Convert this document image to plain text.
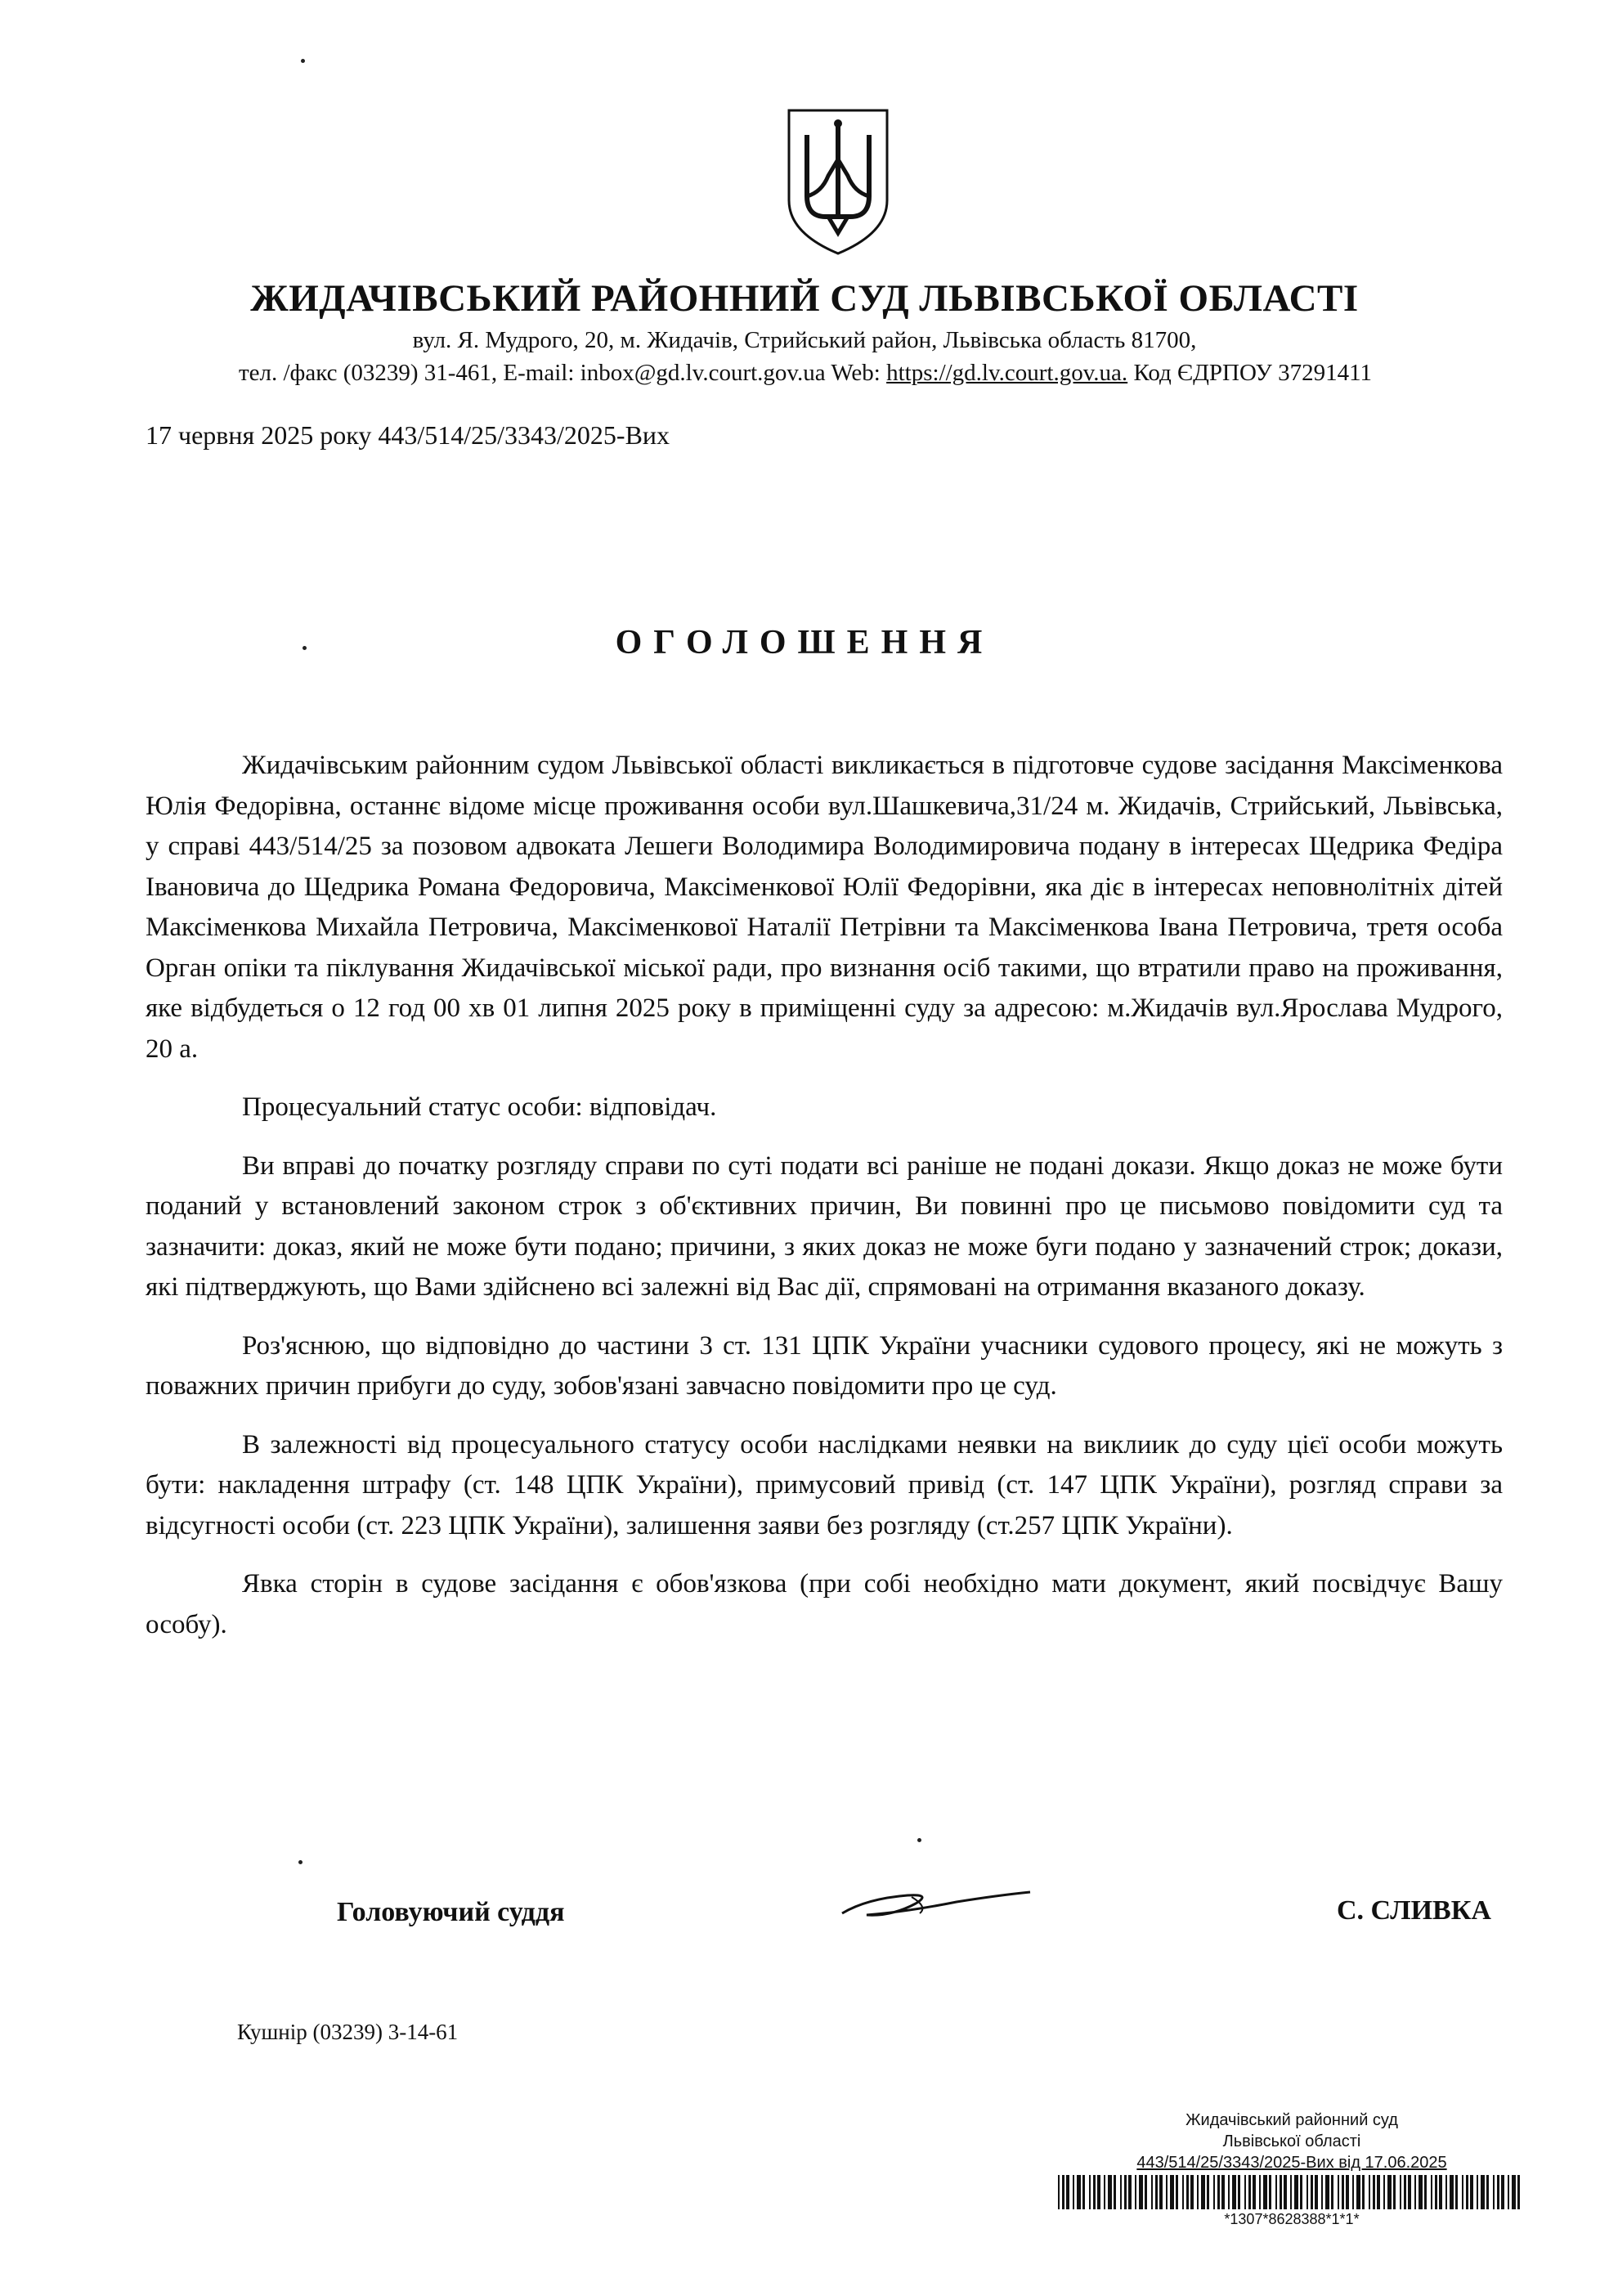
ЖИДАЧІВСЬКИЙ РАЙОННИЙ СУД ЛЬВІВСЬКОЇ ОБЛАСТІ
вул. Я. Мудрого, 20, м. Жидачів, Стрийський район, Львівська область 81700,
тел. /факс (03239) 31-461, E-mail: inbox@gd.lv.court.gov.ua Web: https://gd.lv.court.gov.ua. Код ЄДРПОУ 37291411
17 червня 2025 року 443/514/25/3343/2025-Вих
ОГОЛОШЕННЯ

Жидачівським районним судом Львівської області викликається в підготовче судове засідання Максіменкова Юлія Федорівна, останнє відоме місце проживання особи вул.Шашкевича,31/24 м. Жидачів, Стрийський, Львівська, у справі 443/514/25 за позовом адвоката Лешеги Володимира Володимировича подану в інтересах Щедрика Федіра Івановича до Щедрика Романа Федоровича, Максіменкової Юлії Федорівни, яка діє в інтересах неповнолітніх дітей Максіменкова Михайла Петровича, Максіменкової Наталії Петрівни та Максіменкова Івана Петровича, третя особа Орган опіки та піклування Жидачівської міської ради, про визнання осіб такими, що втратили право на проживання, яке відбудеться о 12 год 00 хв 01 липня 2025 року в приміщенні суду за адресою: м.Жидачів вул.Ярослава Мудрого, 20 а.

Процесуальний статус особи: відповідач.

Ви вправі до початку розгляду справи по суті подати всі раніше не подані докази. Якщо доказ не може бути поданий у встановлений законом строк з об'єктивних причин, Ви повинні про це письмово повідомити суд та зазначити: доказ, який не може бути подано; причини, з яких доказ не може буги подано у зазначений строк; докази, які підтверджують, що Вами здійснено всі залежні від Вас дії, спрямовані на отримання вказаного доказу.

Роз'яснюю, що відповідно до частини 3 ст. 131 ЦПК України учасники судового процесу, які не можуть з поважних причин прибуги до суду, зобов'язані завчасно повідомити про це суд.

В залежності від процесуального статусу особи наслідками неявки на виклиик до суду цієї особи можуть бути: накладення штрафу (ст. 148 ЦПК України), примусовий привід (ст. 147 ЦПК України), розгляд справи за відсугності особи (ст. 223 ЦПК України), залишення заяви без розгляду (ст.257 ЦПК України).

Явка сторін в судове засідання є обов'язкова (при собі необхідно мати документ, який посвідчує Вашу особу).

Головуючий суддя	С. СЛИВКА
Кушнір (03239) 3-14-61
Жидачівський районний суд
Львівської області
443/514/25/3343/2025-Вих від 17.06.2025
*1307*8628388*1*1*
